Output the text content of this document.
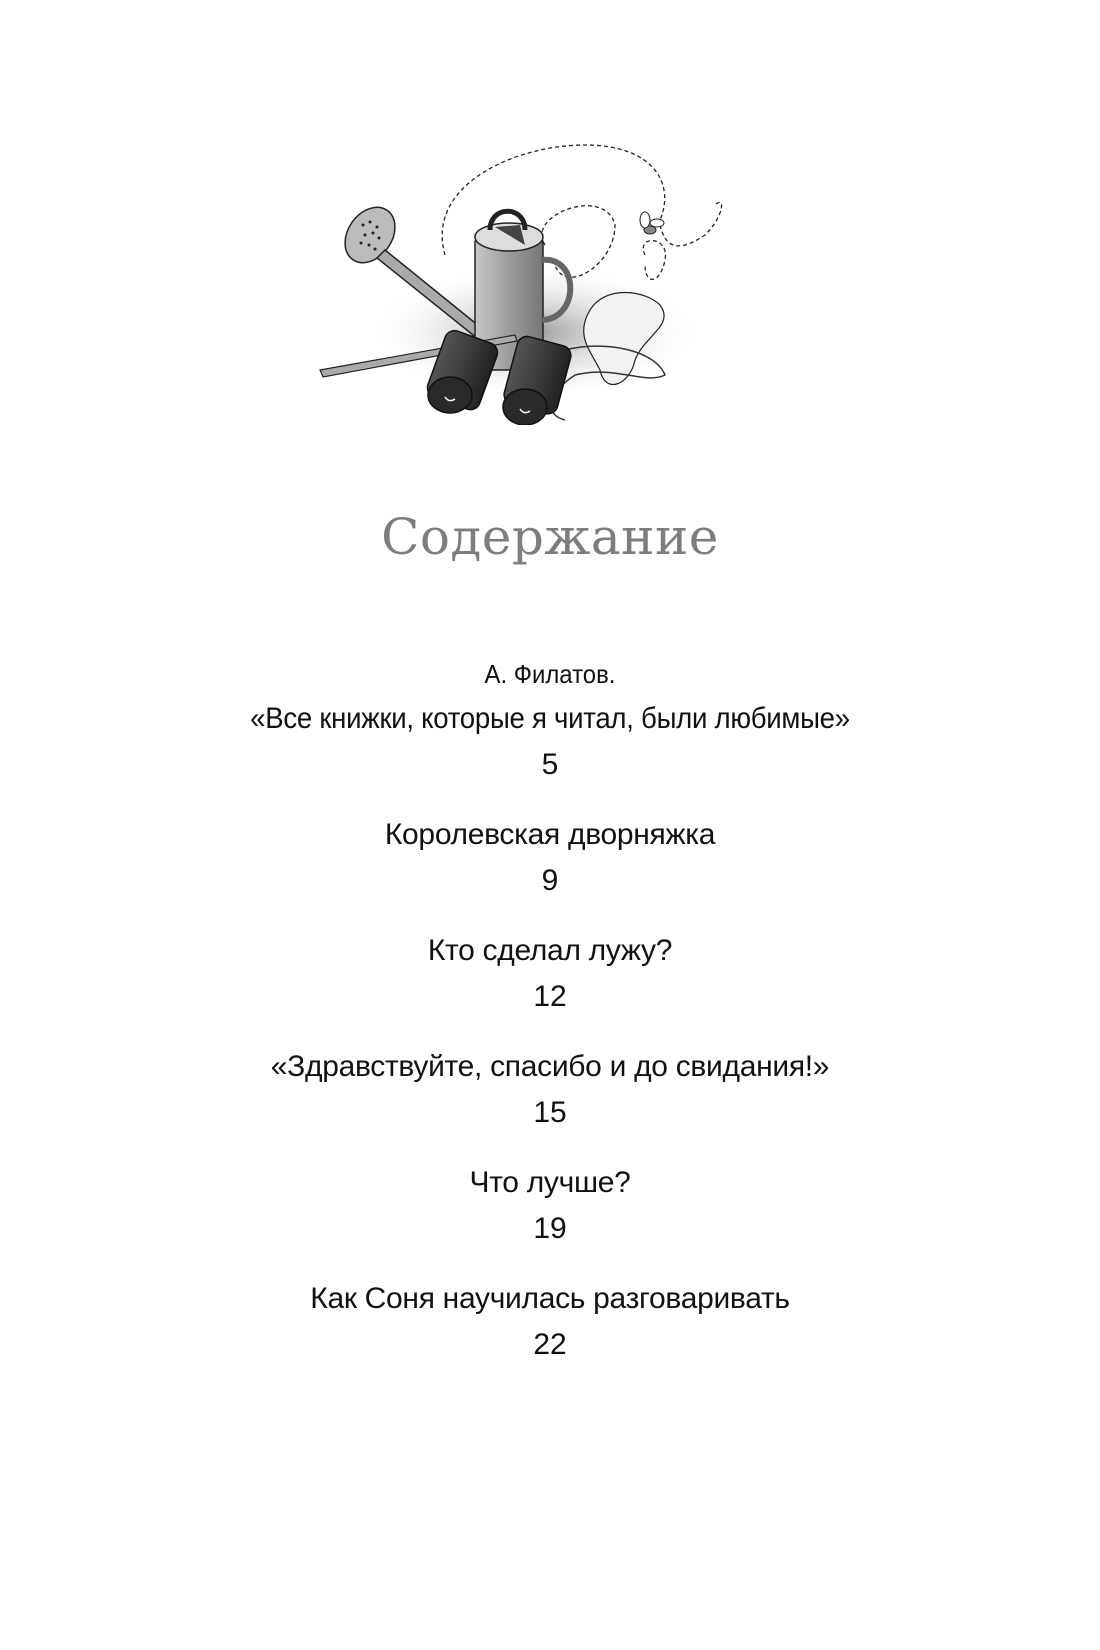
Содержание
А. Филатов.
«Все книжки, которые я читал, были любимые»
5
Королевская дворняжка
9
Кто сделал лужу?
12
«Здравствуйте, спасибо и до свидания!»
15
Что лучше?
19
Как Соня научилась разговаривать
22
